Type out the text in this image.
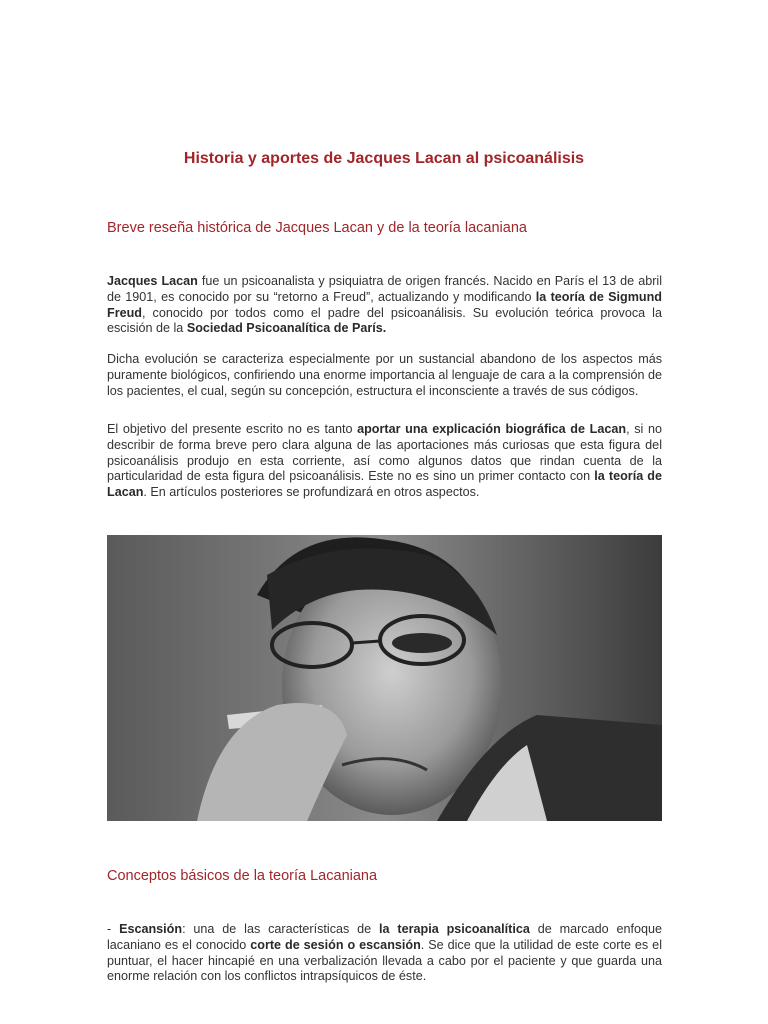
Historia y aportes de Jacques Lacan al psicoanálisis
Breve reseña histórica de Jacques Lacan y de la teoría lacaniana

Jacques Lacan fue un psicoanalista y psiquiatra de origen francés. Nacido en París el 13 de abril de 1901, es conocido por su “retorno a Freud”, actualizando y modificando la teoría de Sigmund Freud, conocido por todos como el padre del psicoanálisis. Su evolución teórica provoca la escisión de la Sociedad Psicoanalítica de París.

Dicha evolución se caracteriza especialmente por un sustancial abandono de los aspectos más puramente biológicos, confiriendo una enorme importancia al lenguaje de cara a la comprensión de los pacientes, el cual, según su concepción, estructura el inconsciente a través de sus códigos.

El objetivo del presente escrito no es tanto aportar una explicación biográfica de Lacan, si no describir de forma breve pero clara alguna de las aportaciones más curiosas que esta figura del psicoanálisis produjo en esta corriente, así como algunos datos que rindan cuenta de la particularidad de esta figura del psicoanálisis. Este no es sino un primer contacto con la teoría de Lacan. En artículos posteriores se profundizará en otros aspectos.

Conceptos básicos de la teoría Lacaniana

- Escansión: una de las características de la terapia psicoanalítica de marcado enfoque lacaniano es el conocido corte de sesión o escansión. Se dice que la utilidad de este corte es el puntuar, el hacer hincapié en una verbalización llevada a cabo por el paciente y que guarda una enorme relación con los conflictos intrapsíquicos de éste.
